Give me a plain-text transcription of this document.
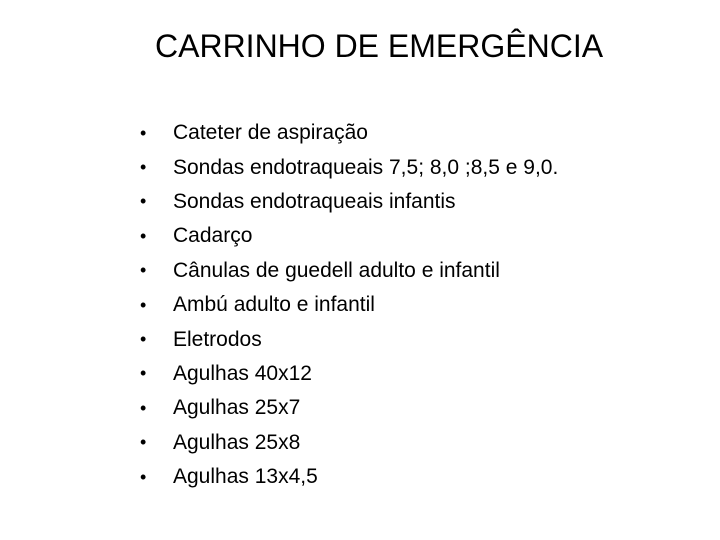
CARRINHO DE EMERGÊNCIA
•	Cateter de aspiração
•	Sondas endotraqueais 7,5; 8,0 ;8,5 e 9,0.
•	Sondas endotraqueais infantis
•	Cadarço
•	Cânulas de guedell adulto e infantil
•	Ambú adulto e infantil
•	Eletrodos
•	Agulhas 40x12
•	Agulhas 25x7
•	Agulhas 25x8
•	Agulhas 13x4,5
